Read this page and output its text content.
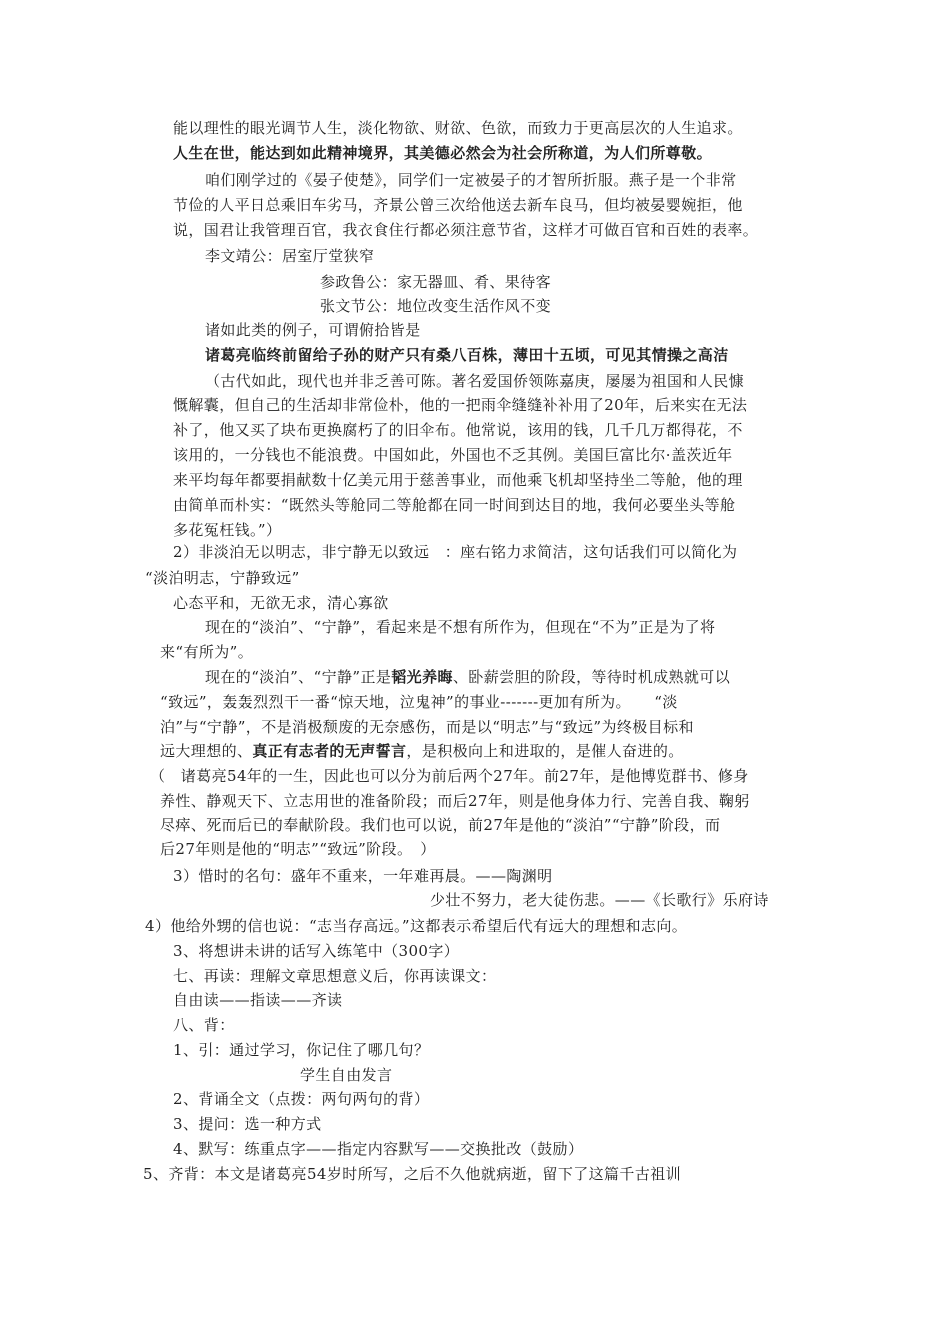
能以理性的眼光调节人生，淡化物欲、财欲、色欲，而致力于更高层次的人生追求。
人生在世，能达到如此精神境界，其美德必然会为社会所称道，为人们所尊敬。
咱们刚学过的《晏子使楚》，同学们一定被晏子的才智所折服。燕子是一个非常
节俭的人平日总乘旧车劣马，齐景公曾三次给他送去新车良马，但均被晏婴婉拒，他
说，国君让我管理百官，我衣食住行都必须注意节省，这样才可做百官和百姓的表率。
李文靖公：居室厅堂狭窄
参政鲁公：家无器皿、肴、果待客
张文节公：地位改变生活作风不变
诸如此类的例子，可谓俯拾皆是
诸葛亮临终前留给子孙的财产只有桑八百株，薄田十五顷，可见其情操之高洁
（古代如此，现代也并非乏善可陈。著名爱国侨领陈嘉庚，屡屡为祖国和人民慷
慨解囊，但自己的生活却非常俭朴，他的一把雨伞缝缝补补用了20年，后来实在无法
补了，他又买了块布更换腐朽了的旧伞布。他常说，该用的钱，几千几万都得花，不
该用的，一分钱也不能浪费。中国如此，外国也不乏其例。美国巨富比尔·盖茨近年
来平均每年都要捐献数十亿美元用于慈善事业，而他乘飞机却坚持坐二等舱，他的理
由简单而朴实：“既然头等舱同二等舱都在同一时间到达目的地，我何必要坐头等舱
多花冤枉钱。”）
2）非淡泊无以明志，非宁静无以致远　：座右铭力求简洁，这句话我们可以简化为
“淡泊明志，宁静致远”
心态平和，无欲无求，清心寡欲
现在的“淡泊”、“宁静”，看起来是不想有所作为，但现在“不为”正是为了将
来“有所为”。
现在的“淡泊”、“宁静”正是韬光养晦、卧薪尝胆的阶段，等待时机成熟就可以
“致远”，轰轰烈烈干一番“惊天地，泣鬼神”的事业-------更加有所为。　　“淡
泊”与“宁静”，不是消极颓废的无奈感伤，而是以“明志”与“致远”为终极目标和
远大理想的、真正有志者的无声誓言，是积极向上和进取的，是催人奋进的。
（　诸葛亮54年的一生，因此也可以分为前后两个27年。前27年，是他博览群书、修身
养性、静观天下、立志用世的准备阶段；而后27年，则是他身体力行、完善自我、鞠躬
尽瘁、死而后已的奉献阶段。我们也可以说，前27年是他的“淡泊”“宁静”阶段，而
后27年则是他的“明志”“致远”阶段。　）
3）惜时的名句：盛年不重来，一年难再晨。——陶渊明
少壮不努力，老大徒伤悲。——《长歌行》乐府诗
4）他给外甥的信也说：“志当存高远。”这都表示希望后代有远大的理想和志向。
3、将想讲未讲的话写入练笔中（300字）
七、再读：理解文章思想意义后，你再读课文：
自由读——指读——齐读
八、背：
1、引：通过学习，你记住了哪几句？
学生自由发言
2、背诵全文（点拨：两句两句的背）
3、提问：选一种方式
4、默写：练重点字——指定内容默写——交换批改（鼓励）
5、齐背：本文是诸葛亮54岁时所写，之后不久他就病逝，留下了这篇千古祖训
